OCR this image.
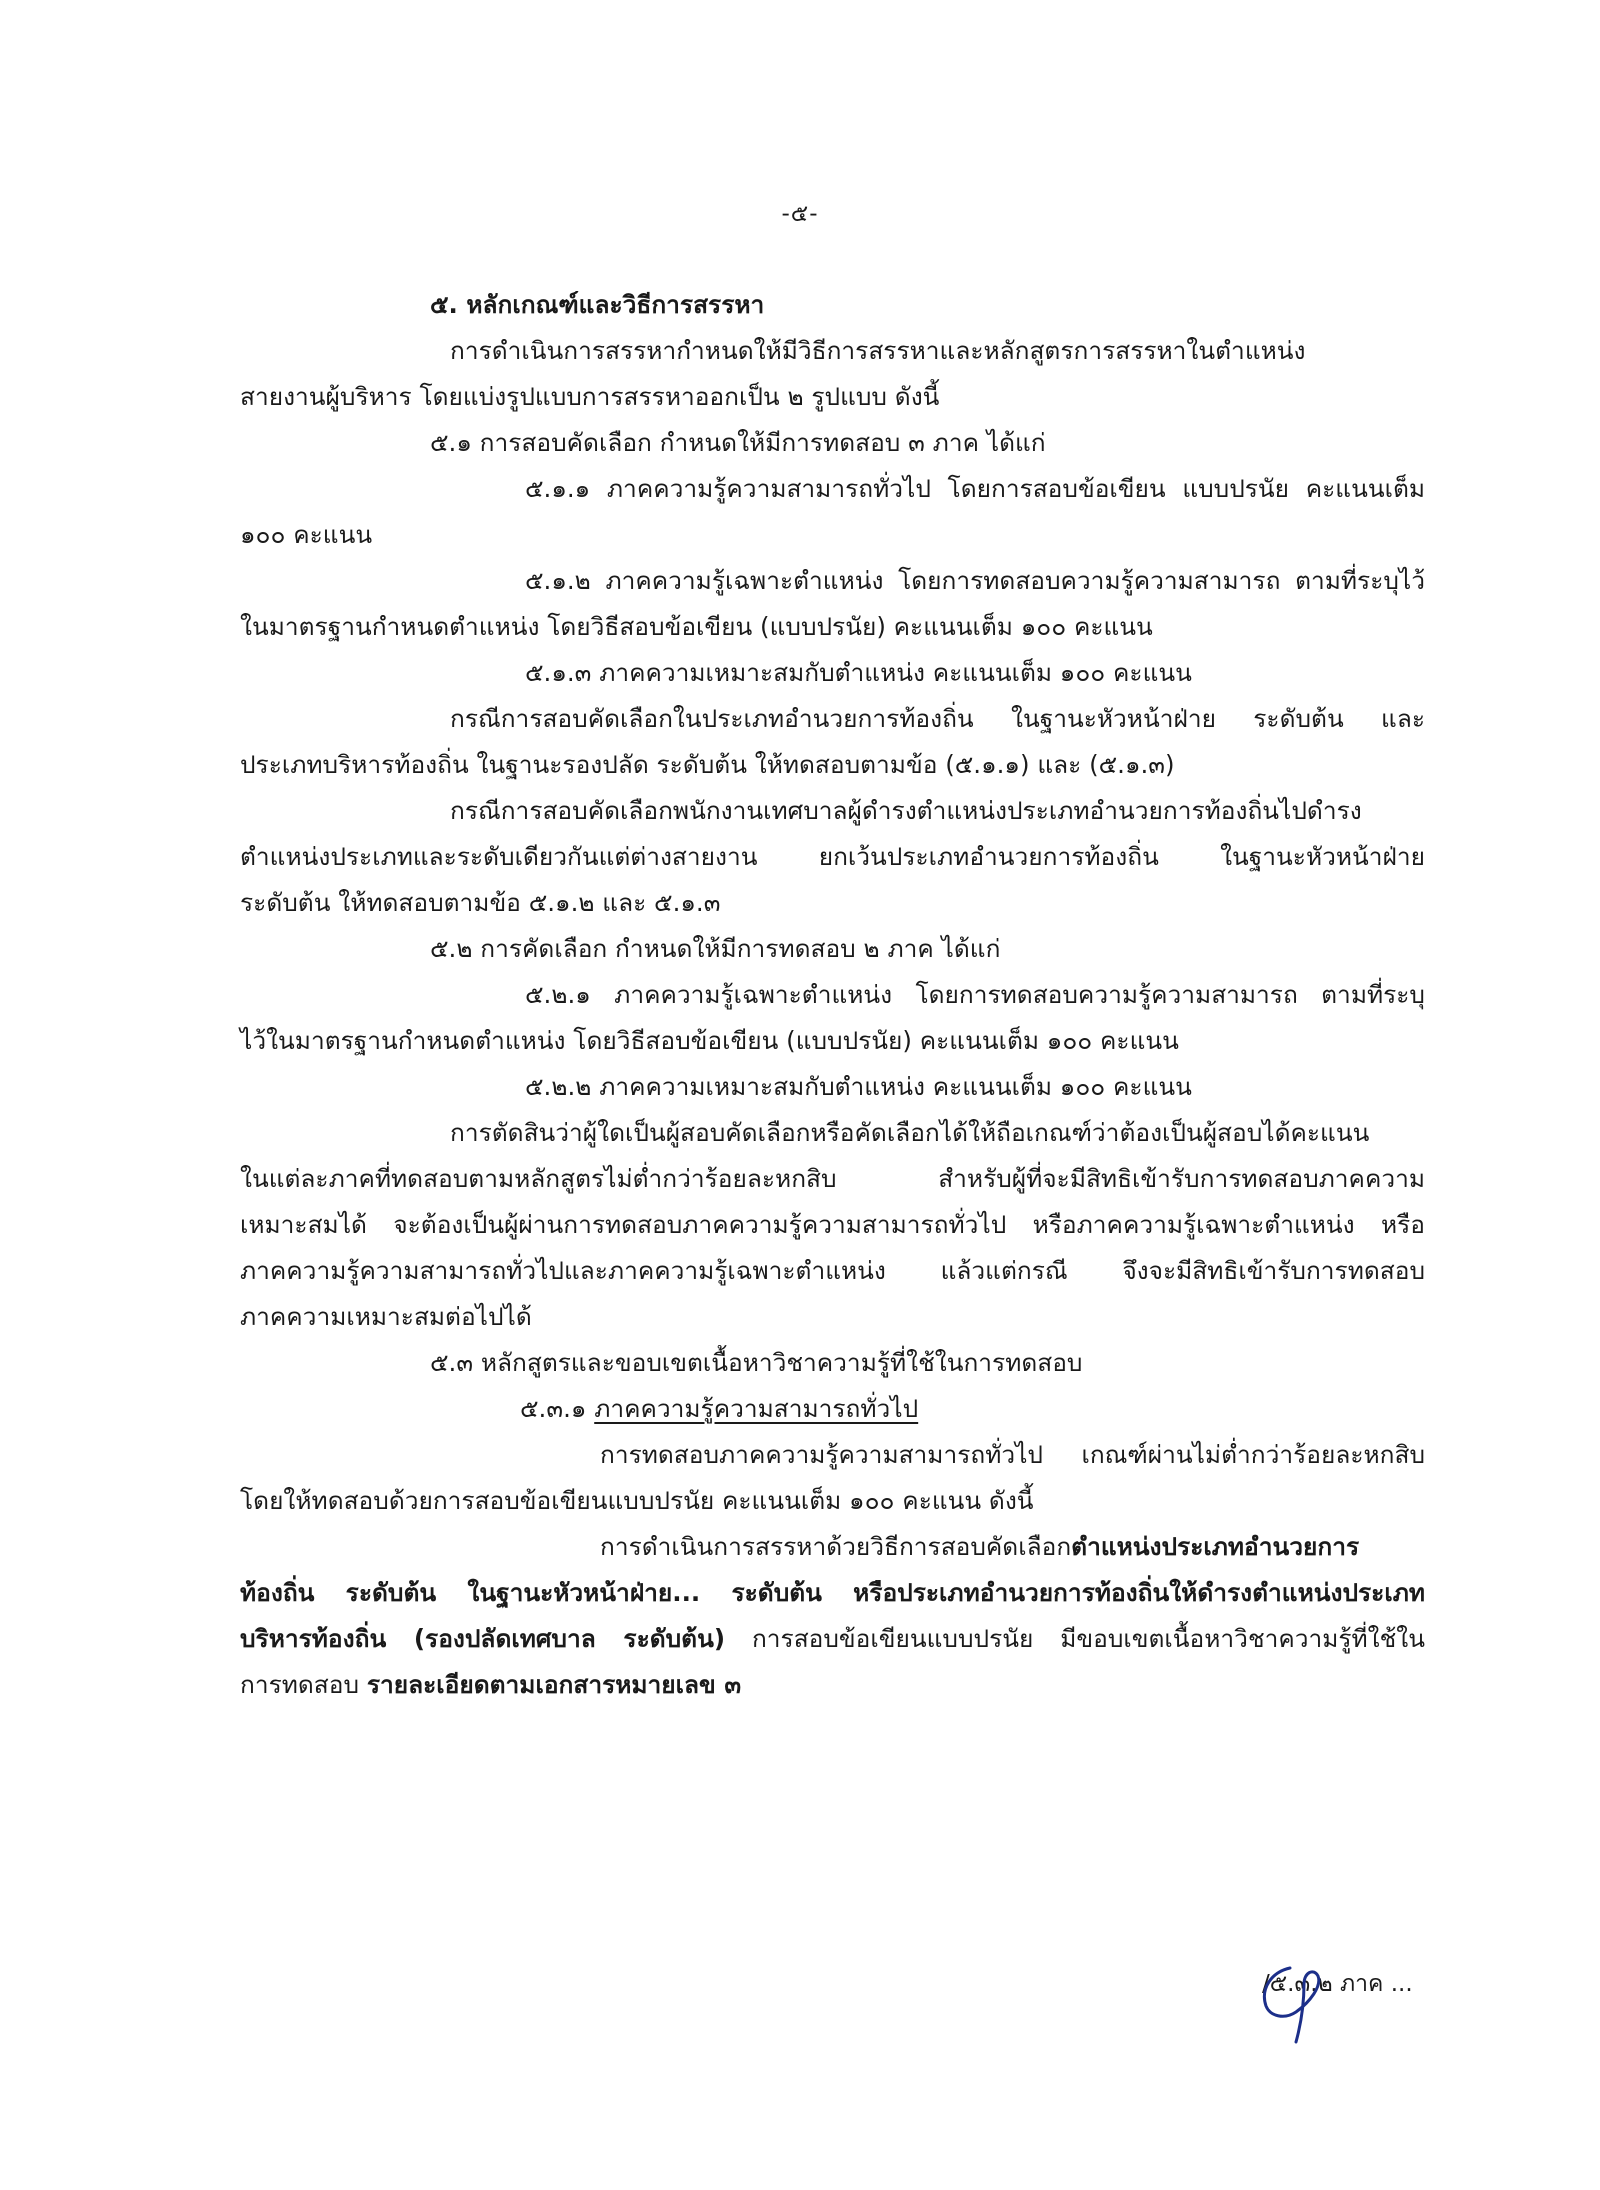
-๕-
๕. หลักเกณฑ์และวิธีการสรรหา
การดำเนินการสรรหากำหนดให้มีวิธีการสรรหาและหลักสูตรการสรรหาในตำแหน่ง
สายงานผู้บริหาร โดยแบ่งรูปแบบการสรรหาออกเป็น ๒ รูปแบบ ดังนี้
๕.๑ การสอบคัดเลือก กำหนดให้มีการทดสอบ ๓ ภาค ได้แก่
๕.๑.๑ ภาคความรู้ความสามารถทั่วไป โดยการสอบข้อเขียน แบบปรนัย คะแนนเต็ม
๑๐๐ คะแนน
๕.๑.๒ ภาคความรู้เฉพาะตำแหน่ง โดยการทดสอบความรู้ความสามารถ ตามที่ระบุไว้
ในมาตรฐานกำหนดตำแหน่ง โดยวิธีสอบข้อเขียน (แบบปรนัย) คะแนนเต็ม ๑๐๐ คะแนน
๕.๑.๓ ภาคความเหมาะสมกับตำแหน่ง คะแนนเต็ม ๑๐๐ คะแนน
กรณีการสอบคัดเลือกในประเภทอำนวยการท้องถิ่น ในฐานะหัวหน้าฝ่าย ระดับต้น และ
ประเภทบริหารท้องถิ่น ในฐานะรองปลัด ระดับต้น ให้ทดสอบตามข้อ (๕.๑.๑) และ (๕.๑.๓)
กรณีการสอบคัดเลือกพนักงานเทศบาลผู้ดำรงตำแหน่งประเภทอำนวยการท้องถิ่นไปดำรง
ตำแหน่งประเภทและระดับเดียวกันแต่ต่างสายงาน ยกเว้นประเภทอำนวยการท้องถิ่น ในฐานะหัวหน้าฝ่าย
ระดับต้น ให้ทดสอบตามข้อ ๕.๑.๒ และ ๕.๑.๓
๕.๒ การคัดเลือก กำหนดให้มีการทดสอบ ๒ ภาค ได้แก่
๕.๒.๑ ภาคความรู้เฉพาะตำแหน่ง โดยการทดสอบความรู้ความสามารถ ตามที่ระบุ
ไว้ในมาตรฐานกำหนดตำแหน่ง โดยวิธีสอบข้อเขียน (แบบปรนัย) คะแนนเต็ม ๑๐๐ คะแนน
๕.๒.๒ ภาคความเหมาะสมกับตำแหน่ง คะแนนเต็ม ๑๐๐ คะแนน
การตัดสินว่าผู้ใดเป็นผู้สอบคัดเลือกหรือคัดเลือกได้ให้ถือเกณฑ์ว่าต้องเป็นผู้สอบได้คะแนน
ในแต่ละภาคที่ทดสอบตามหลักสูตรไม่ต่ำกว่าร้อยละหกสิบ สำหรับผู้ที่จะมีสิทธิเข้ารับการทดสอบภาคความ
เหมาะสมได้ จะต้องเป็นผู้ผ่านการทดสอบภาคความรู้ความสามารถทั่วไป หรือภาคความรู้เฉพาะตำแหน่ง หรือ
ภาคความรู้ความสามารถทั่วไปและภาคความรู้เฉพาะตำแหน่ง แล้วแต่กรณี จึงจะมีสิทธิเข้ารับการทดสอบ
ภาคความเหมาะสมต่อไปได้
๕.๓ หลักสูตรและขอบเขตเนื้อหาวิชาความรู้ที่ใช้ในการทดสอบ
๕.๓.๑ ภาคความรู้ความสามารถทั่วไป
การทดสอบภาคความรู้ความสามารถทั่วไป เกณฑ์ผ่านไม่ต่ำกว่าร้อยละหกสิบ
โดยให้ทดสอบด้วยการสอบข้อเขียนแบบปรนัย คะแนนเต็ม ๑๐๐ คะแนน ดังนี้
การดำเนินการสรรหาด้วยวิธีการสอบคัดเลือกตำแหน่งประเภทอำนวยการ
ท้องถิ่น ระดับต้น ในฐานะหัวหน้าฝ่าย... ระดับต้น หรือประเภทอำนวยการท้องถิ่นให้ดำรงตำแหน่งประเภท
บริหารท้องถิ่น (รองปลัดเทศบาล ระดับต้น) การสอบข้อเขียนแบบปรนัย มีขอบเขตเนื้อหาวิชาความรู้ที่ใช้ใน
การทดสอบ รายละเอียดตามเอกสารหมายเลข ๓
/๕.๓.๒ ภาค ...
